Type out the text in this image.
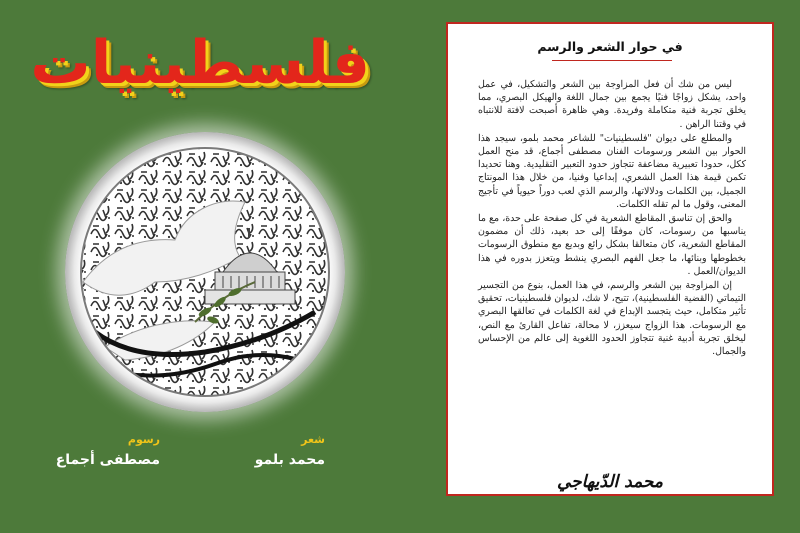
فلسطينيات
شعر
محمد بلمو
رسوم
مصطفى أجماع
في حوار الشعر والرسم

ليس من شك أن فعل المزاوجة بين الشعر والتشكيل، في عمل واحد، يشكل زواجًا فنيًا يجمع بين جمال اللغة والهيكل البصري، مما يخلق تجربة فنية متكاملة وفريدة. وهي ظاهرة أصبحت لافتة للانتباه في وقتنا الراهن .

والمطلع على ديوان "فلسطينيات" للشاعر محمد بلمو، سيجد هذا الحوار بين الشعر ورسومات الفنان مصطفى أجماع، قد منح العمل ككل، حدودا تعبيرية مضاعفة تتجاوز حدود التعبير التقليدية. وهنا تحديدا تكمن قيمة هذا العمل الشعري، إبداعيا وفنيا، من خلال هذا المونتاج الجميل، بين الكلمات ودلالاتها، والرسم الذي لعب دوراً حيوياً في تأجيج المعنى، وقول ما لم تقله الكلمات.

والحق إن تناسق المقاطع الشعرية في كل صفحة على حدة، مع ما يناسبها من رسومات، كان موفقًا إلى حد بعيد، ذلك أن مضمون المقاطع الشعرية، كان متعالقا بشكل رائع وبديع مع منطوق الرسومات بخطوطها وبنائها، ما جعل الفهم البصري ينشط ويتعزز بدوره في هذا الديوان/العمل .

إن المزاوجة بين الشعر والرسم، في هذا العمل، بنوع من التجسير التيماتي (القضية الفلسطينية)، تتيح، لا شك، لديوان فلسطينيات، تحقيق تأثير متكامل، حيث يتجسد الإبداع في لغة الكلمات في تعالقها البصري مع الرسومات. هذا الزواج سيعزز، لا محالة، تفاعل القارئ مع النص، ليخلق تجربة أدبية غنية تتجاوز الحدود اللغوية إلى عالم من الإحساس والجمال.

محمد الدّيهاجي
